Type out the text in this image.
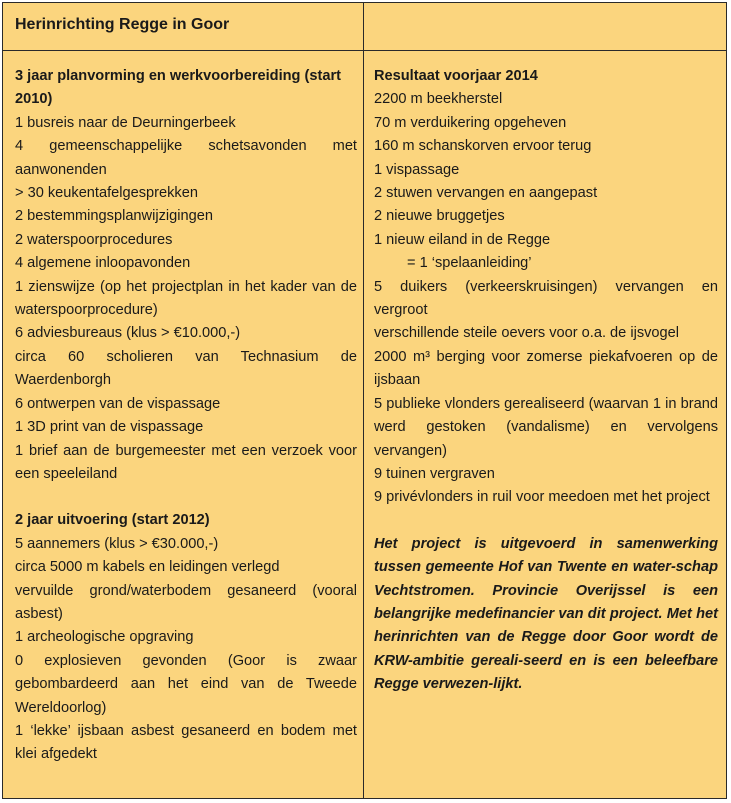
Herinrichting Regge in Goor
3 jaar planvorming en werkvoorbereiding (start 2010)
1 busreis naar de Deurningerbeek
4 gemeenschappelijke schetsavonden met aanwonenden
> 30 keukentafelgesprekken
2 bestemmingsplanwijzigingen
2 waterspoorprocedures
4 algemene inloopavonden
1 zienswijze (op het projectplan in het kader van de waterspoorprocedure)
6 adviesbureaus (klus > €10.000,-)
circa 60 scholieren van Technasium de Waerdenborgh
6 ontwerpen van de vispassage
1 3D print van de vispassage
1 brief aan de burgemeester met een verzoek voor een speeleiland
2 jaar uitvoering (start 2012)
5 aannemers (klus > €30.000,-)
circa 5000 m kabels en leidingen verlegd
vervuilde grond/waterbodem gesaneerd (vooral asbest)
1 archeologische opgraving
0 explosieven gevonden (Goor is zwaar gebombardeerd aan het eind van de Tweede Wereldoorlog)
1 ‘lekke’ ijsbaan asbest gesaneerd en bodem met klei afgedekt
Resultaat voorjaar 2014
2200 m beekherstel
70 m verduikering opgeheven
160 m schanskorven ervoor terug
1 vispassage
2 stuwen vervangen en aangepast
2 nieuwe bruggetjes
1 nieuw eiland in de Regge
= 1 ‘spelaanleiding’
5 duikers (verkeerskruisingen) vervangen en vergroot
verschillende steile oevers voor o.a. de ijsvogel
2000 m³ berging voor zomerse piekafvoeren op de ijsbaan
5 publieke vlonders gerealiseerd (waarvan 1 in brand werd gestoken (vandalisme) en vervolgens vervangen)
9 tuinen vergraven
9 privévlonders in ruil voor meedoen met het project
Het project is uitgevoerd in samenwerking tussen gemeente Hof van Twente en water-schap Vechtstromen. Provincie Overijssel is een belangrijke medefinancier van dit project. Met het herinrichten van de Regge door Goor wordt de KRW-ambitie gereali-seerd en is een beleefbare Regge verwezen-lijkt.
